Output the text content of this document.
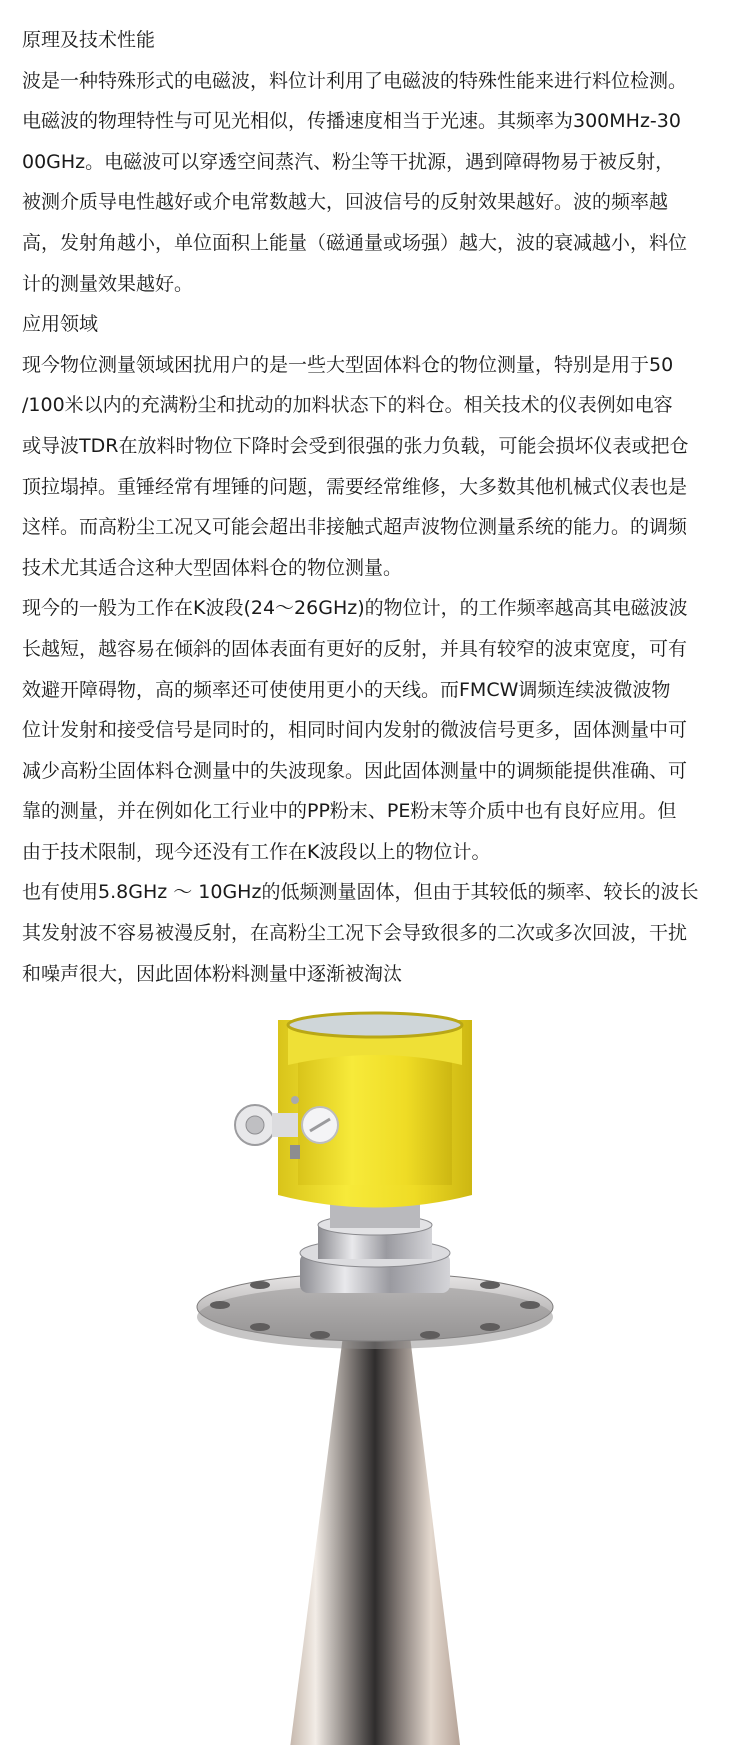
原理及技术性能
波是一种特殊形式的电磁波，料位计利用了电磁波的特殊性能来进行料位检测。
电磁波的物理特性与可见光相似，传播速度相当于光速。其频率为300MHz-30
00GHz。电磁波可以穿透空间蒸汽、粉尘等干扰源，遇到障碍物易于被反射，
被测介质导电性越好或介电常数越大，回波信号的反射效果越好。波的频率越
高，发射角越小，单位面积上能量（磁通量或场强）越大，波的衰减越小，料位
计的测量效果越好。
应用领域
现今物位测量领域困扰用户的是一些大型固体料仓的物位测量，特别是用于50
/100米以内的充满粉尘和扰动的加料状态下的料仓。相关技术的仪表例如电容
或导波TDR在放料时物位下降时会受到很强的张力负载，可能会损坏仪表或把仓
顶拉塌掉。重锤经常有埋锤的问题，需要经常维修，大多数其他机械式仪表也是
这样。而高粉尘工况又可能会超出非接触式超声波物位测量系统的能力。的调频
技术尤其适合这种大型固体料仓的物位测量。
现今的一般为工作在K波段(24～26GHz)的物位计，的工作频率越高其电磁波波
长越短，越容易在倾斜的固体表面有更好的反射，并具有较窄的波束宽度，可有
效避开障碍物，高的频率还可使使用更小的天线。而FMCW调频连续波微波物
位计发射和接受信号是同时的，相同时间内发射的微波信号更多，固体测量中可
减少高粉尘固体料仓测量中的失波现象。因此固体测量中的调频能提供准确、可
靠的测量，并在例如化工行业中的PP粉末、PE粉末等介质中也有良好应用。但
由于技术限制，现今还没有工作在K波段以上的物位计。
也有使用5.8GHz ～ 10GHz的低频测量固体，但由于其较低的频率、较长的波长
其发射波不容易被漫反射，在高粉尘工况下会导致很多的二次或多次回波，干扰
和噪声很大，因此固体粉料测量中逐渐被淘汰
